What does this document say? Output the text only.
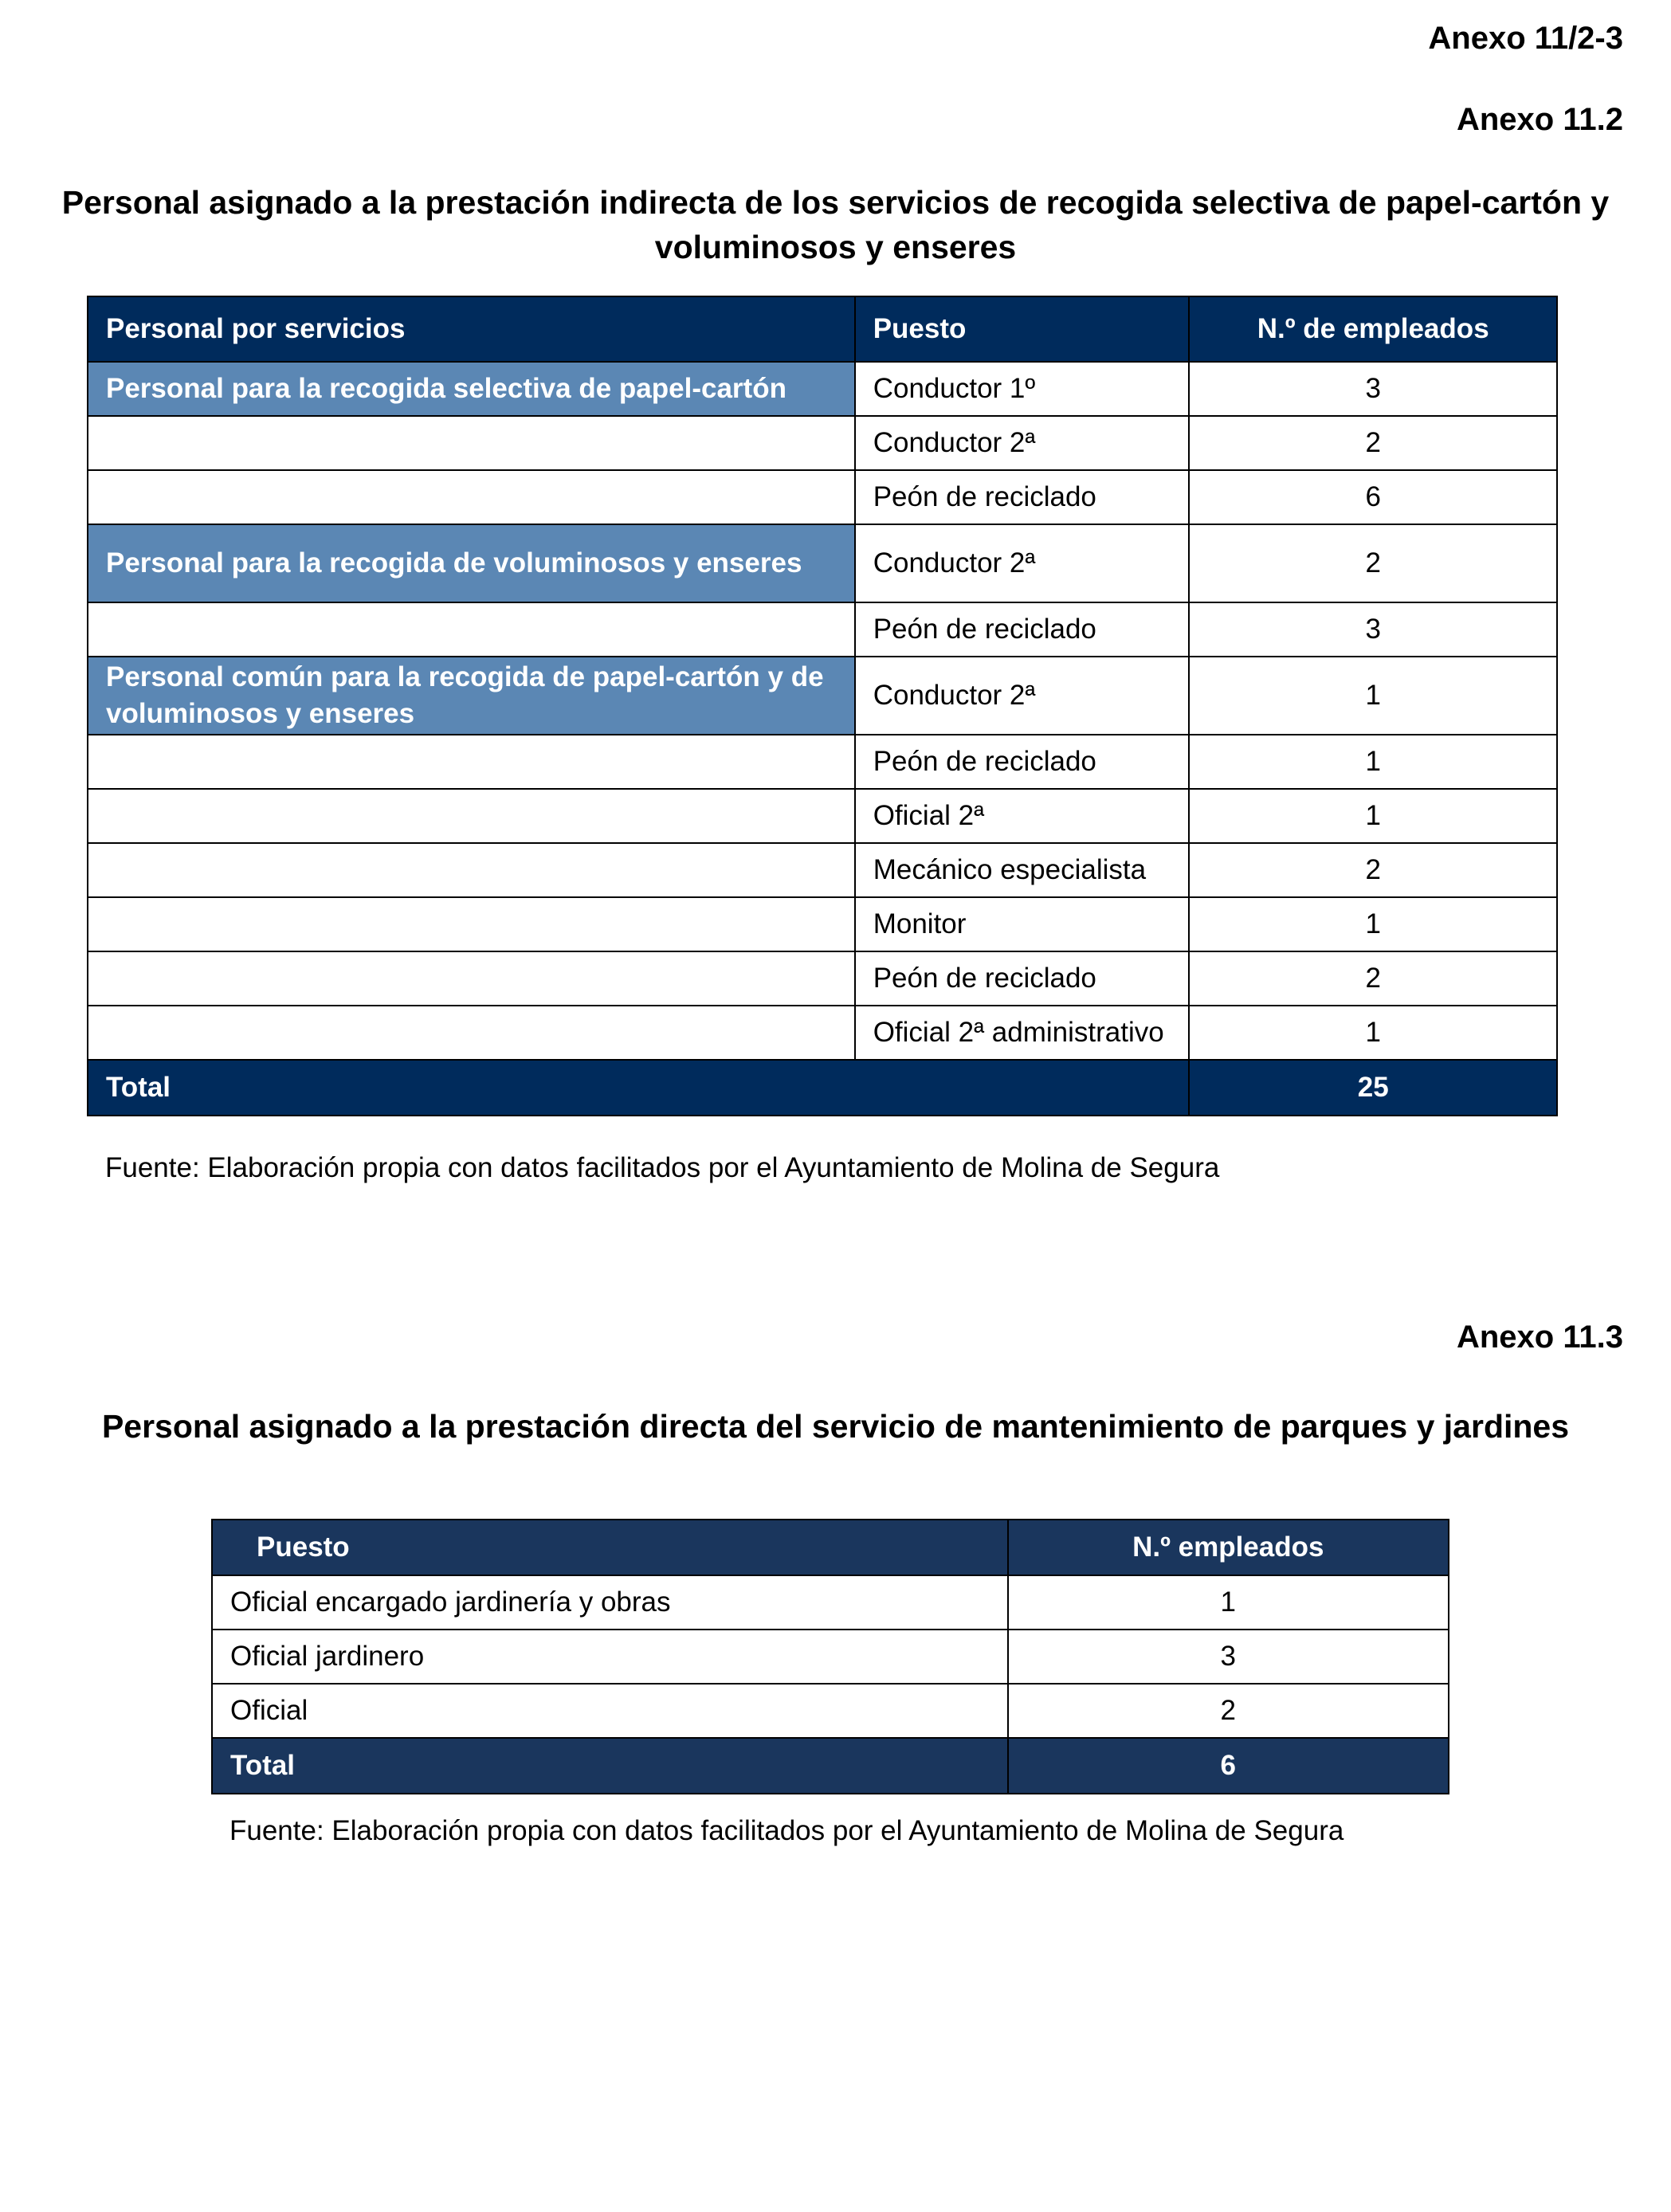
Anexo 11/2-3
Anexo 11.2
Personal asignado a la prestación indirecta de los servicios de recogida selectiva de papel-cartón y voluminosos y enseres
Personal por servicios	Puesto	N.º de empleados
Personal para la recogida selectiva de papel-cartón	Conductor 1º	3
	Conductor 2ª	2
	Peón de reciclado	6
Personal para la recogida de voluminosos y enseres	Conductor 2ª	2
	Peón de reciclado	3
Personal común para la recogida de papel-cartón y de voluminosos y enseres	Conductor 2ª	1
	Peón de reciclado	1
	Oficial 2ª	1
	Mecánico especialista	2
	Monitor	1
	Peón de reciclado	2
	Oficial 2ª administrativo	1
Total		25
Fuente: Elaboración propia con datos facilitados por el Ayuntamiento de Molina de Segura
Anexo 11.3
Personal asignado a la prestación directa del servicio de mantenimiento de parques y jardines
Puesto	N.º empleados
Oficial encargado jardinería y obras	1
Oficial jardinero	3
Oficial	2
Total	6
Fuente: Elaboración propia con datos facilitados por el Ayuntamiento de Molina de Segura
